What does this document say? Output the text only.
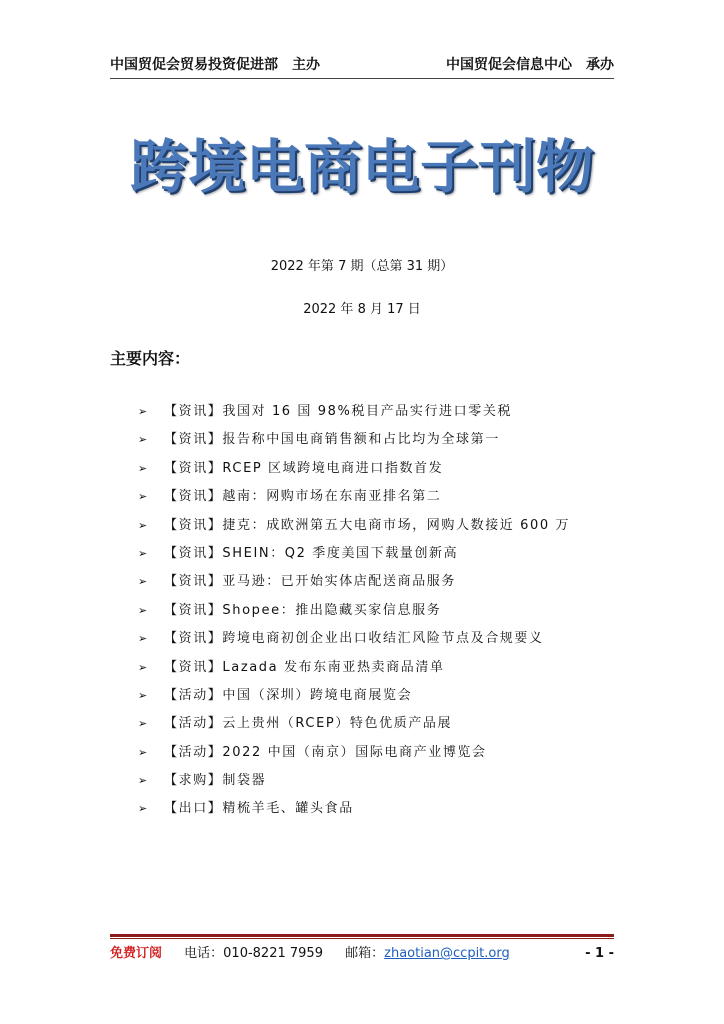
中国贸促会贸易投资促进部　主办	中国贸促会信息中心　承办
跨境电商电子刊物
2022 年第 7 期（总第 31 期）
2022 年 8 月 17 日
主要内容：
➢	【资讯】 我国对 16 国 98%税目产品实行进口零关税
➢	【资讯】 报告称中国电商销售额和占比均为全球第一
➢	【资讯】 RCEP 区域跨境电商进口指数首发
➢	【资讯】 越南：网购市场在东南亚排名第二
➢	【资讯】 捷克：成欧洲第五大电商市场，网购人数接近 600 万
➢	【资讯】 SHEIN：Q2 季度美国下载量创新高
➢	【资讯】 亚马逊：已开始实体店配送商品服务
➢	【资讯】 Shopee：推出隐藏买家信息服务
➢	【资讯】 跨境电商初创企业出口收结汇风险节点及合规要义
➢	【资讯】 Lazada 发布东南亚热卖商品清单
➢	【活动】 中国（深圳）跨境电商展览会
➢	【活动】 云上贵州（RCEP）特色优质产品展
➢	【活动】 2022 中国（南京）国际电商产业博览会
➢	【求购】 制袋器
➢	【出口】 精梳羊毛、罐头食品
免费订阅 电话：010-8221 7959 邮箱：zhaotian@ccpit.org	- 1 -
